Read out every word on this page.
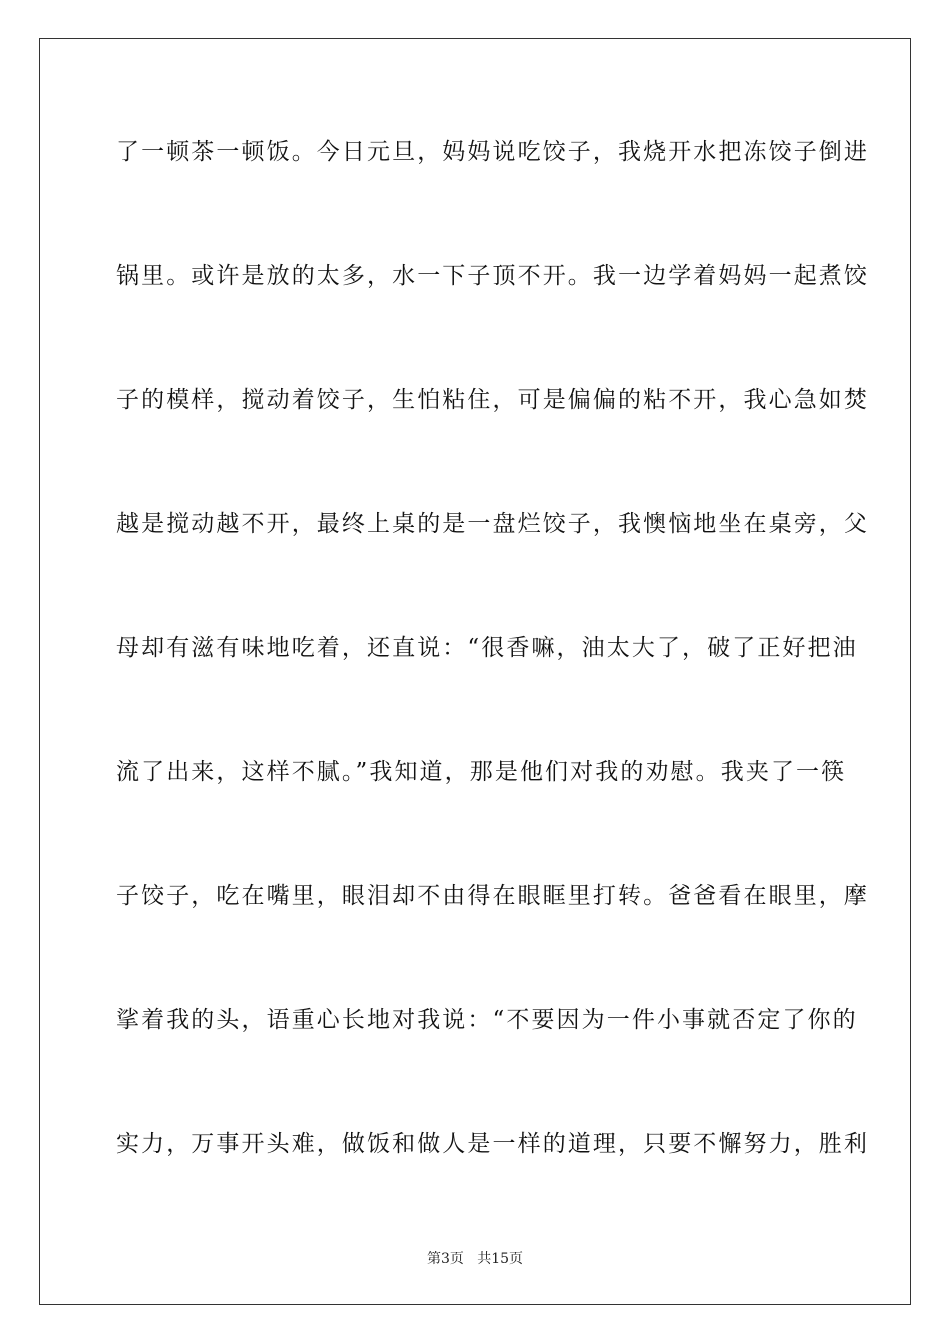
了一顿茶一顿饭。今日元旦，妈妈说吃饺子，我烧开水把冻饺子倒进
锅里。或许是放的太多，水一下子顶不开。我一边学着妈妈一起煮饺
子的模样，搅动着饺子，生怕粘住，可是偏偏的粘不开，我心急如焚
越是搅动越不开，最终上桌的是一盘烂饺子，我懊恼地坐在桌旁，父
母却有滋有味地吃着，还直说：“很香嘛，油太大了，破了正好把油
流了出来，这样不腻。”我知道，那是他们对我的劝慰。我夹了一筷
子饺子，吃在嘴里，眼泪却不由得在眼眶里打转。爸爸看在眼里，摩
挲着我的头，语重心长地对我说：“不要因为一件小事就否定了你的
实力，万事开头难，做饭和做人是一样的道理，只要不懈努力，胜利
第3页   共15页
